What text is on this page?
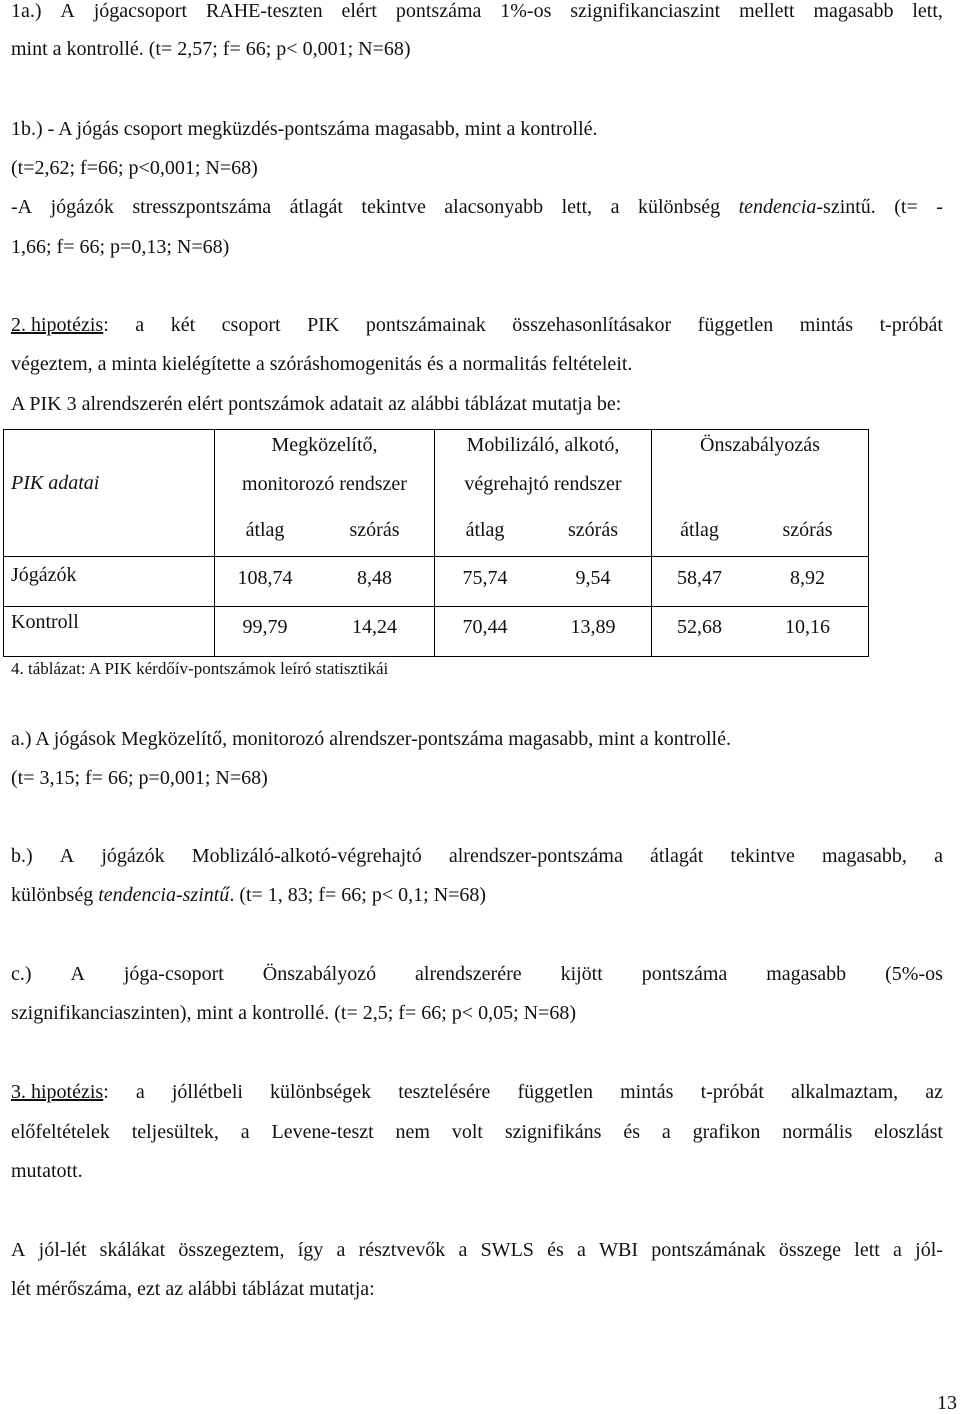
1a.) A jógacsoport RAHE-teszten elért pontszáma 1%-os szignifikanciaszint mellett magasabb lett,
mint a kontrollé. (t= 2,57; f= 66; p< 0,001; N=68)
1b.) - A jógás csoport megküzdés-pontszáma magasabb, mint a kontrollé.
(t=2,62; f=66; p<0,001; N=68)
-A jógázók stresszpontszáma átlagát tekintve alacsonyabb lett, a különbség tendencia-szintű. (t= -
1,66; f= 66; p=0,13; N=68)
2. hipotézis: a két csoport PIK pontszámainak összehasonlításakor független mintás t-próbát
végeztem, a minta kielégítette a szóráshomogenitás és a normalitás feltételeit.
A PIK 3 alrendszerén elért pontszámok adatait az alábbi táblázat mutatja be:
PIK adatai
Megközelítő,
monitorozó rendszer
Mobilizáló, alkotó,
végrehajtó rendszer
Önszabályozás
átlag	szórás	átlag	szórás	átlag	szórás
Jógázók	108,74	8,48	75,74	9,54	58,47	8,92
Kontroll	99,79	14,24	70,44	13,89	52,68	10,16
4. táblázat: A PIK kérdőív-pontszámok leíró statisztikái
a.) A jógások Megközelítő, monitorozó alrendszer-pontszáma magasabb, mint a kontrollé.
(t= 3,15; f= 66; p=0,001; N=68)
b.) A jógázók Moblizáló-alkotó-végrehajtó alrendszer-pontszáma átlagát tekintve magasabb, a
különbség tendencia-szintű. (t= 1, 83; f= 66; p< 0,1; N=68)
c.) A jóga-csoport Önszabályozó alrendszerére kijött pontszáma magasabb (5%-os
szignifikanciaszinten), mint a kontrollé. (t= 2,5; f= 66; p< 0,05; N=68)
3. hipotézis: a jóllétbeli különbségek tesztelésére független mintás t-próbát alkalmaztam, az
előfeltételek teljesültek, a Levene-teszt nem volt szignifikáns és a grafikon normális eloszlást
mutatott.
A jól-lét skálákat összegeztem, így a résztvevők a SWLS és a WBI pontszámának összege lett a jól-
lét mérőszáma, ezt az alábbi táblázat mutatja:
13
